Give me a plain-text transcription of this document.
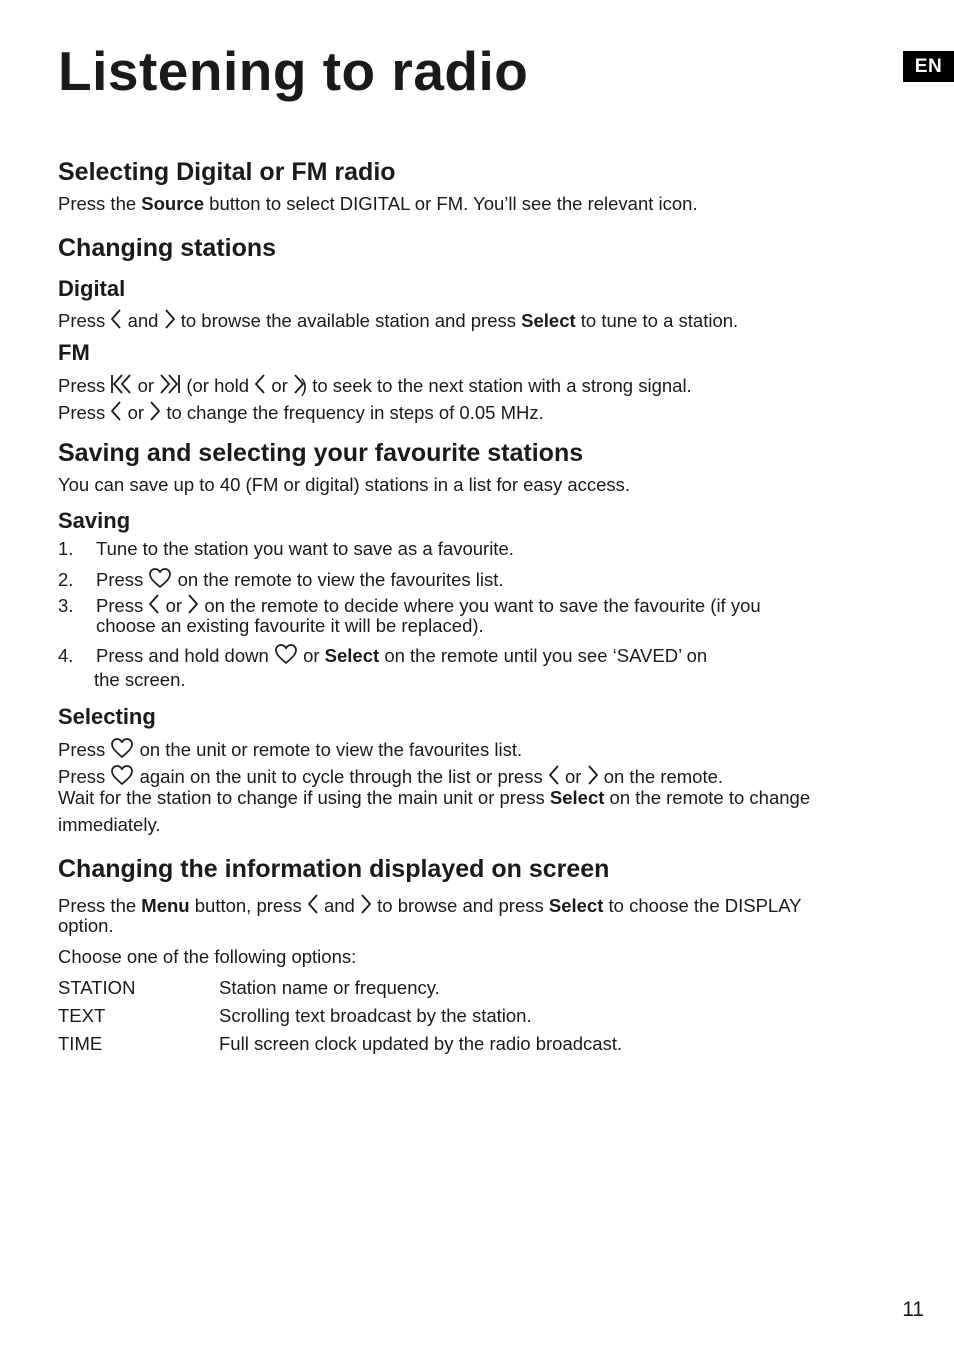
Listening to radio	EN
Selecting Digital or FM radio

Press the Source button to select DIGITAL or FM. You’ll see the relevant icon.

Changing stations
Digital

Press and to browse the available station and press Select to tune to a station.

FM

Press or (or hold or ) to seek to the next station with a strong signal.

Press or to change the frequency in steps of 0.05 MHz.

Saving and selecting your favourite stations

You can save up to 40 (FM or digital) stations in a list for easy access.

Saving

1. Tune to the station you want to save as a favourite.

2. Press on the remote to view the favourites list.

3. Press or on the remote to decide where you want to save the favourite (if you

choose an existing favourite it will be replaced).

4. Press and hold down or Select on the remote until you see ‘SAVED’ on

the screen.

Selecting

Press on the unit or remote to view the favourites list.

Press again on the unit to cycle through the list or press or on the remote.

Wait for the station to change if using the main unit or press Select on the remote to change

immediately.

Changing the information displayed on screen

Press the Menu button, press and to browse and press Select to choose the DISPLAY

option.

Choose one of the following options:

STATION	Station name or frequency.
TEXT	Scrolling text broadcast by the station.
TIME	Full screen clock updated by the radio broadcast.
11
